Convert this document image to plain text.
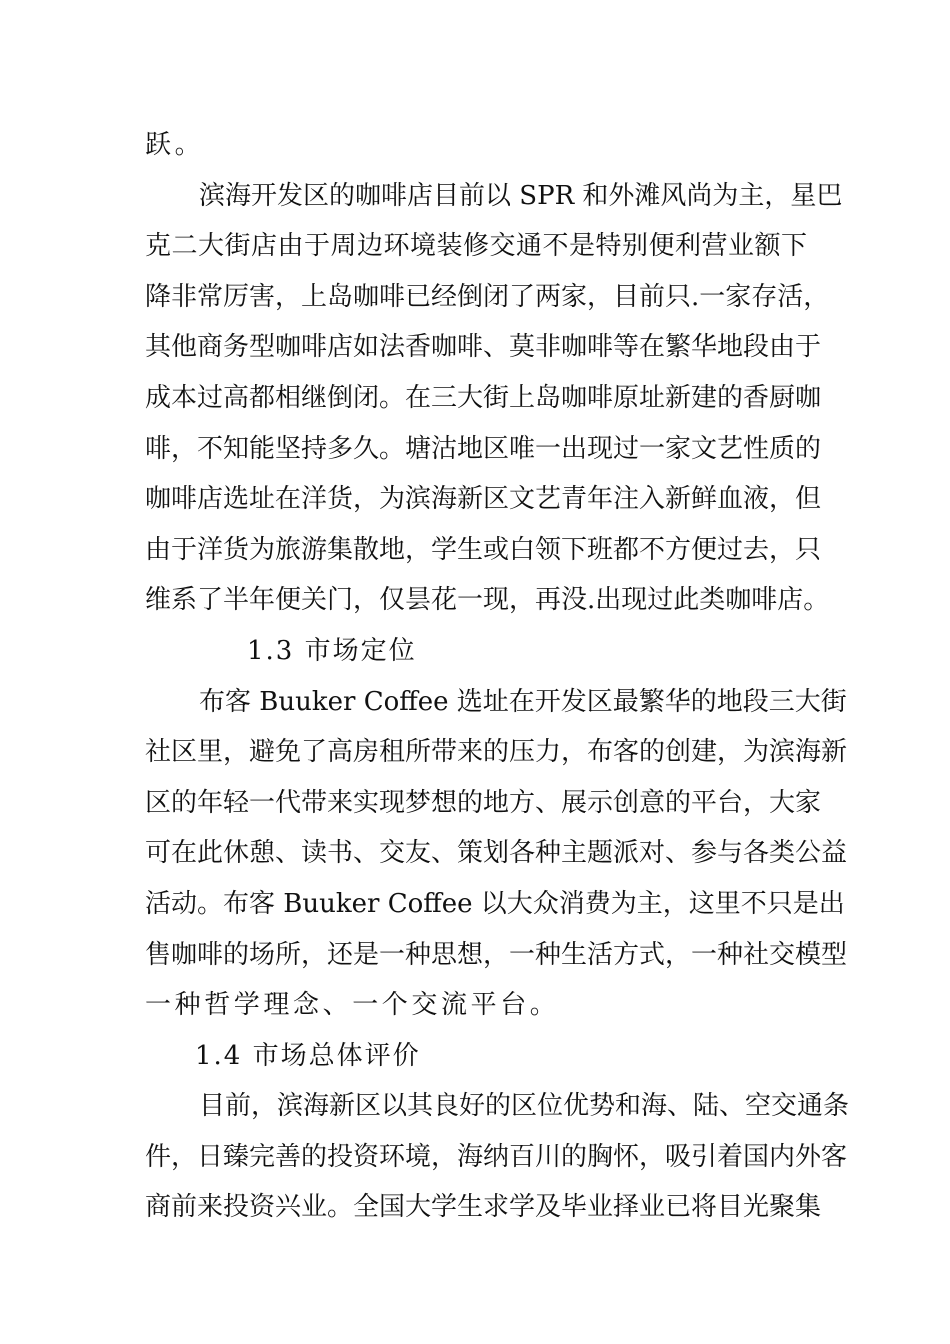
跃。
滨海开发区的咖啡店目前以 SPR 和外滩风尚为主，星巴
克二大街店由于周边环境装修交通不是特别便利营业额下
降非常厉害，上岛咖啡已经倒闭了两家，目前只.一家存活，
其他商务型咖啡店如法香咖啡、莫非咖啡等在繁华地段由于
成本过高都相继倒闭。在三大街上岛咖啡原址新建的香厨咖
啡，不知能坚持多久。塘沽地区唯一出现过一家文艺性质的
咖啡店选址在洋货，为滨海新区文艺青年注入新鲜血液，但
由于洋货为旅游集散地，学生或白领下班都不方便过去，只
维系了半年便关门，仅昙花一现，再没.出现过此类咖啡店。
1.3 市场定位
布客 Buuker Coffee 选址在开发区最繁华的地段三大街
社区里，避免了高房租所带来的压力，布客的创建，为滨海新
区的年轻一代带来实现梦想的地方、展示创意的平台，大家
可在此休憩、读书、交友、策划各种主题派对、参与各类公益
活动。布客 Buuker Coffee 以大众消费为主，这里不只是出
售咖啡的场所，还是一种思想，一种生活方式，一种社交模型
一种哲学理念、一个交流平台。
1.4 市场总体评价
目前，滨海新区以其良好的区位优势和海、陆、空交通条
件，日臻完善的投资环境，海纳百川的胸怀，吸引着国内外客
商前来投资兴业。全国大学生求学及毕业择业已将目光聚集
